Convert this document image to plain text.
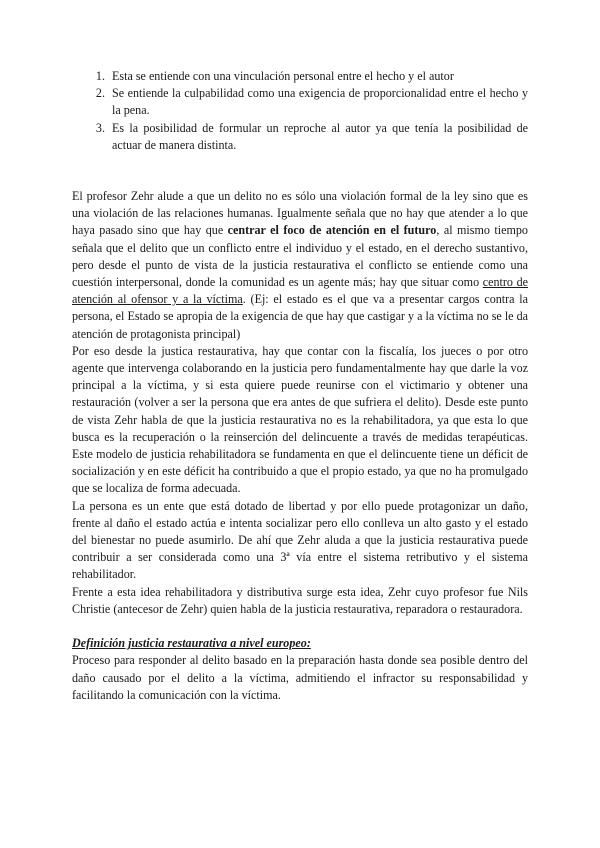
1. Esta se entiende con una vinculación personal entre el hecho y el autor
2. Se entiende la culpabilidad como una exigencia de proporcionalidad entre el hecho y la pena.
3. Es la posibilidad de formular un reproche al autor ya que tenía la posibilidad de actuar de manera distinta.

El profesor Zehr alude a que un delito no es sólo una violación formal de la ley sino que es una violación de las relaciones humanas. Igualmente señala que no hay que atender a lo que haya pasado sino que hay que centrar el foco de atención en el futuro, al mismo tiempo señala que el delito que un conflicto entre el individuo y el estado, en el derecho sustantivo, pero desde el punto de vista de la justicia restaurativa el conflicto se entiende como una cuestión interpersonal, donde la comunidad es un agente más; hay que situar como centro de atención al ofensor y a la víctima. (Ej: el estado es el que va a presentar cargos contra la persona, el Estado se apropia de la exigencia de que hay que castigar y a la víctima no se le da atención de protagonista principal)

Por eso desde la justica restaurativa, hay que contar con la fiscalía, los jueces o por otro agente que intervenga colaborando en la justicia pero fundamentalmente hay que darle la voz principal a la víctima, y si esta quiere puede reunirse con el victimario y obtener una restauración (volver a ser la persona que era antes de que sufriera el delito). Desde este punto de vista Zehr habla de que la justicia restaurativa no es la rehabilitadora, ya que esta lo que busca es la recuperación o la reinserción del delincuente a través de medidas terapéuticas. Este modelo de justicia rehabilitadora se fundamenta en que el delincuente tiene un déficit de socialización y en este déficit ha contribuido a que el propio estado, ya que no ha promulgado que se localiza de forma adecuada.

La persona es un ente que está dotado de libertad y por ello puede protagonizar un daño, frente al daño el estado actúa e intenta socializar pero ello conlleva un alto gasto y el estado del bienestar no puede asumirlo. De ahí que Zehr aluda a que la justicia restaurativa puede contribuir a ser considerada como una 3ª vía entre el sistema retributivo y el sistema rehabilitador.

Frente a esta idea rehabilitadora y distributiva surge esta idea, Zehr cuyo profesor fue Nils Christie (antecesor de Zehr) quien habla de la justicia restaurativa, reparadora o restauradora.

Definición justicia restaurativa a nivel europeo:

Proceso para responder al delito basado en la preparación hasta donde sea posible dentro del daño causado por el delito a la víctima, admitiendo el infractor su responsabilidad y facilitando la comunicación con la víctima.
